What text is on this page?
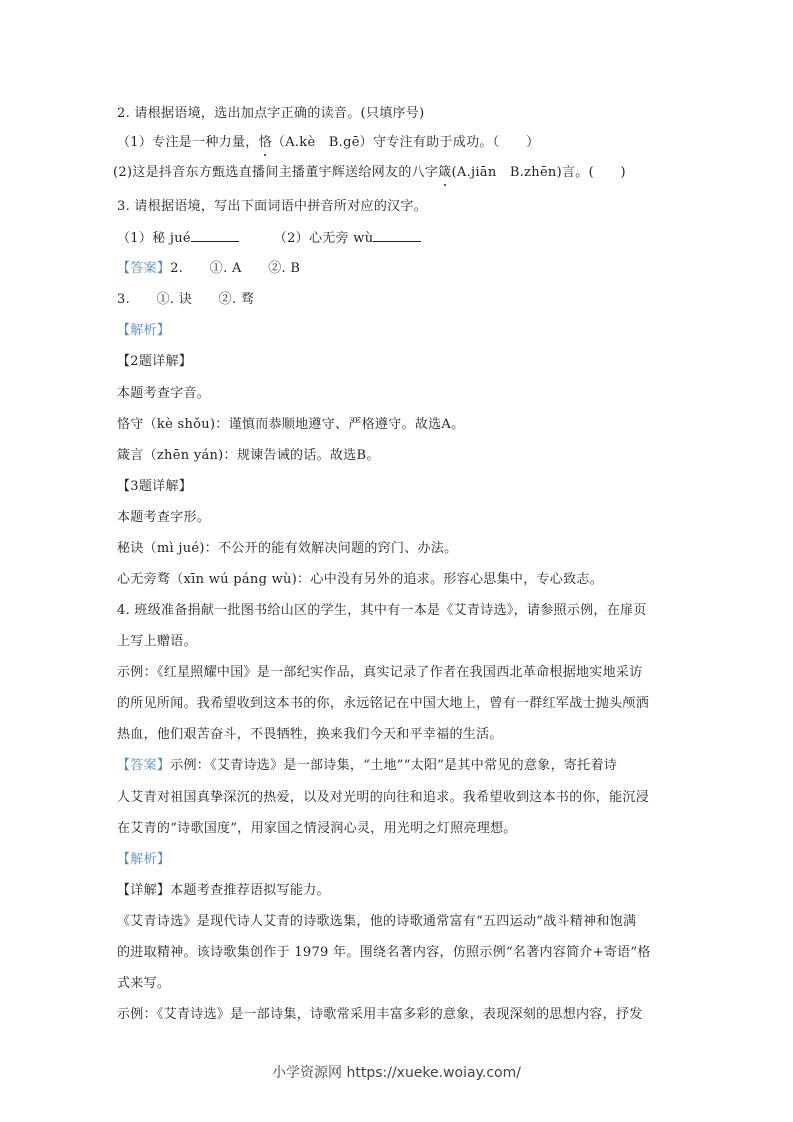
2. 请根据语境，选出加点字正确的读音。(只填序号)
（1）专注是一种力量，恪（A.kè　B.gē）守专注有助于成功。（　　）
(2)这是抖音东方甄选直播间主播董宇辉送给网友的八字箴(A.jiān　B.zhēn)言。(　　)
3. 请根据语境，写出下面词语中拼音所对应的汉字。
（1）秘 jué	（2）心无旁 wù
【答案】2.　　①. A　　②. B
3.　　①. 诀　　②. 骛
【解析】
【2题详解】
本题考查字音。
恪守（kè shǒu)：谨慎而恭顺地遵守、严格遵守。故选A。
箴言（zhēn yán)：规谏告诫的话。故选B。
【3题详解】
本题考查字形。
秘诀（mì jué)：不公开的能有效解决问题的窍门、办法。
心无旁骛（xīn wú páng wù)：心中没有另外的追求。形容心思集中，专心致志。
4. 班级准备捐献一批图书给山区的学生，其中有一本是《艾青诗选》，请参照示例，在扉页
上写上赠语。
示例：《红星照耀中国》是一部纪实作品，真实记录了作者在我国西北革命根据地实地采访
的所见所闻。我希望收到这本书的你，永远铭记在中国大地上，曾有一群红军战士抛头颅洒
热血，他们艰苦奋斗，不畏牺牲，换来我们今天和平幸福的生活。
【答案】示例：《艾青诗选》是一部诗集，“土地”“太阳”是其中常见的意象，寄托着诗
人艾青对祖国真挚深沉的热爱，以及对光明的向往和追求。我希望收到这本书的你，能沉浸
在艾青的“诗歌国度”，用家国之情浸润心灵，用光明之灯照亮理想。
【解析】
【详解】本题考查推荐语拟写能力。
《艾青诗选》是现代诗人艾青的诗歌选集，他的诗歌通常富有“五四运动”战斗精神和饱满
的进取精神。该诗歌集创作于 1979 年。围绕名著内容，仿照示例“名著内容简介+寄语”格
式来写。
示例：《艾青诗选》是一部诗集，诗歌常采用丰富多彩的意象，表现深刻的思想内容，抒发
小学资源网 https://xueke.woiay.com/
